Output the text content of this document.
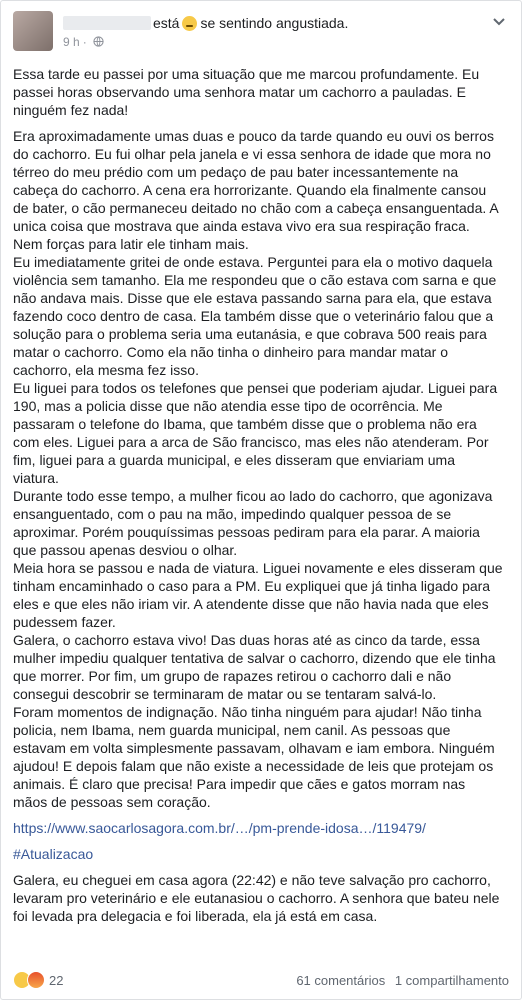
está se sentindo angustiada.
9 h ·

Essa tarde eu passei por uma situação que me marcou profundamente. Eu
passei horas observando uma senhora matar um cachorro a pauladas. E
ninguém fez nada!

Era aproximadamente umas duas e pouco da tarde quando eu ouvi os berros
do cachorro. Eu fui olhar pela janela e vi essa senhora de idade que mora no
térreo do meu prédio com um pedaço de pau bater incessantemente na
cabeça do cachorro. A cena era horrorizante. Quando ela finalmente cansou
de bater, o cão permaneceu deitado no chão com a cabeça ensanguentada. A
unica coisa que mostrava que ainda estava vivo era sua respiração fraca.
Nem forças para latir ele tinham mais.
Eu imediatamente gritei de onde estava. Perguntei para ela o motivo daquela
violência sem tamanho. Ela me respondeu que o cão estava com sarna e que
não andava mais. Disse que ele estava passando sarna para ela, que estava
fazendo coco dentro de casa. Ela também disse que o veterinário falou que a
solução para o problema seria uma eutanásia, e que cobrava 500 reais para
matar o cachorro. Como ela não tinha o dinheiro para mandar matar o
cachorro, ela mesma fez isso.
Eu liguei para todos os telefones que pensei que poderiam ajudar. Liguei para
190, mas a policia disse que não atendia esse tipo de ocorrência. Me
passaram o telefone do Ibama, que também disse que o problema não era
com eles. Liguei para a arca de São francisco, mas eles não atenderam. Por
fim, liguei para a guarda municipal, e eles disseram que enviariam uma
viatura.
Durante todo esse tempo, a mulher ficou ao lado do cachorro, que agonizava
ensanguentado, com o pau na mão, impedindo qualquer pessoa de se
aproximar. Porém pouquíssimas pessoas pediram para ela parar. A maioria
que passou apenas desviou o olhar.
Meia hora se passou e nada de viatura. Liguei novamente e eles disseram que
tinham encaminhado o caso para a PM. Eu expliquei que já tinha ligado para
eles e que eles não iriam vir. A atendente disse que não havia nada que eles
pudessem fazer.
Galera, o cachorro estava vivo! Das duas horas até as cinco da tarde, essa
mulher impediu qualquer tentativa de salvar o cachorro, dizendo que ele tinha
que morrer. Por fim, um grupo de rapazes retirou o cachorro dali e não
consegui descobrir se terminaram de matar ou se tentaram salvá-lo.
Foram momentos de indignação. Não tinha ninguém para ajudar! Não tinha
policia, nem Ibama, nem guarda municipal, nem canil. As pessoas que
estavam em volta simplesmente passavam, olhavam e iam embora. Ninguém
ajudou! E depois falam que não existe a necessidade de leis que protejam os
animais. É claro que precisa! Para impedir que cães e gatos morram nas
mãos de pessoas sem coração.

https://www.saocarlosagora.com.br/…/pm-prende-idosa…/119479/

#Atualizacao

Galera, eu cheguei em casa agora (22:42) e não teve salvação pro cachorro,
levaram pro veterinário e ele eutanasiou o cachorro. A senhora que bateu nele
foi levada pra delegacia e foi liberada, ela já está em casa.

22	61 comentários 1 compartilhamento
